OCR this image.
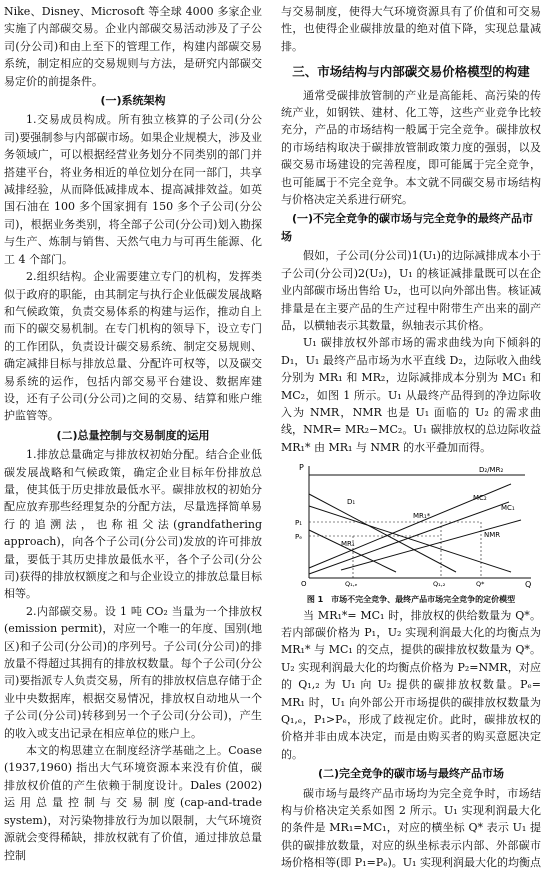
Nike、Disney、Microsoft 等全球 4000 多家企业实施了内部碳交易。企业内部碳交易活动涉及了子公司(分公司)和由上至下的管理工作，构建内部碳交易系统，制定相应的交易规则与方法，是研究内部碳交易定价的前提条件。

(一)系统架构

1.交易成员构成。所有独立核算的子公司(分公司)要强制参与内部碳市场。如果企业规模大，涉及业务领域广，可以根据经营业务划分不同类别的部门并搭建平台，将业务相近的单位划分在同一部门，共享减排经验，从而降低减排成本、提高减排效益。如英国石油在 100 多个国家拥有 150 多个子公司(分公司)，根据业务类别，将全部子公司(分公司)划入勘探与生产、炼制与销售、天然气电力与可再生能源、化工 4 个部门。

2.组织结构。企业需要建立专门的机构，发挥类似于政府的职能，由其制定与执行企业低碳发展战略和气候政策，负责交易体系的构建与运作，推动自上而下的碳交易机制。在专门机构的领导下，设立专门的工作团队，负责设计碳交易系统、制定交易规则、确定减排目标与排放总量、分配许可权等，以及碳交易系统的运作，包括内部交易平台建设、数据库建设，还有子公司(分公司)之间的交易、结算和账户维护监管等。

(二)总量控制与交易制度的运用

1.排放总量确定与排放权初始分配。结合企业低碳发展战略和气候政策，确定企业目标年份排放总量，使其低于历史排放最低水平。碳排放权的初始分配应放弃那些经理复杂的分配方法，尽量选择简单易行的追溯法，也称祖父法(grandfathering approach)，向各个子公司(分公司)发放的许可排放量，要低于其历史排放最低水平，各个子公司(分公司)获得的排放权额度之和与企业设立的排放总量目标相等。

2.内部碳交易。设 1 吨 CO₂ 当量为一个排放权(emission permit)，对应一个唯一的年度、国别(地区)和子公司(分公司)的序列号。子公司(分公司)的排放量不得超过其拥有的排放权数量。每个子公司(分公司)要指派专人负责交易，所有的排放权信息存储于企业中央数据库，根据交易情况，排放权自动地从一个子公司(分公司)转移到另一个子公司(分公司)，产生的收入或支出记录在相应单位的账户上。

本文的构思建立在制度经济学基础之上。Coase (1937,1960) 指出大气环境资源本来没有价值，碳排放权价值的产生依赖于制度设计。Dales (2002) 运用总量控制与交易制度(cap-and-trade system)，对污染物排放行为加以限制，大气环境资源就会变得稀缺，排放权就有了价值，通过排放总量控制

与交易制度，使得大气环境资源具有了价值和可交易性，也使得企业碳排放量的绝对值下降，实现总量减排。

三、市场结构与内部碳交易价格模型的构建

通常受碳排放管制的产业是高能耗、高污染的传统产业，如钢铁、建材、化工等，这些产业竞争比较充分，产品的市场结构一般属于完全竞争。碳排放权的市场结构取决于碳排放管制政策力度的强弱，以及碳交易市场建设的完善程度，即可能属于完全竞争，也可能属于不完全竞争。本文就不同碳交易市场结构与价格决定关系进行研究。

(一)不完全竞争的碳市场与完全竞争的最终产品市场

假如，子公司(分公司)1(U₁)的边际减排成本小于子公司(分公司)2(U₂)，U₁ 的核证减排量既可以在企业内部碳市场出售给 U₂，也可以向外部出售。核证减排量是在主要产品的生产过程中附带生产出来的副产品，以横轴表示其数量，纵轴表示其价格。

U₁ 碳排放权外部市场的需求曲线为向下倾斜的 D₁，U₁ 最终产品市场为水平直线 D₂，边际收入曲线分别为 MR₁ 和 MR₂，边际减排成本分别为 MC₁ 和 MC₂，如图 1 所示。U₁ 从最终产品得到的净边际收入为 NMR，NMR 也是 U₁ 面临的 U₂ 的需求曲线，NMR= MR₂−MC₂。U₁ 碳排放权的总边际收益 MR₁* 由 MR₁ 与 NMR 的水平叠加而得。

P
Q
O
D₂/MR₂
D₁
MR₁*
MR₁
MC₁
MC₂
NMR
P₁
Pₑ
Q₁,ₑ	Q₁,₂	Q*
图 1　市场不完全竞争、最终产品市场完全竞争的定价模型

当 MR₁*= MC₁ 时，排放权的供给数量为 Q*。若内部碳价格为 P₁，U₂ 实现利润最大化的均衡点为 MR₁* 与 MC₁ 的交点，提供的碳排放权数量为 Q*。U₂ 实现利润最大化的均衡点价格为 P₂=NMR，对应的 Q₁,₂ 为 U₁ 向 U₂ 提供的碳排放权数量。Pₑ= MR₁ 时，U₁ 向外部公开市场提供的碳排放权数量为 Q₁,ₑ，P₁>Pₑ，形成了歧视定价。此时，碳排放权的价格并非由成本决定，而是由购买者的购买意愿决定的。

(二)完全竞争的碳市场与最终产品市场

碳市场与最终产品市场均为完全竞争时，市场结构与价格决定关系如图 2 所示。U₁ 实现利润最大化的条件是 MR₁=MC₁，对应的横坐标 Q* 表示 U₁ 提供的碳排放数量，对应的纵坐标表示内部、外部碳市场价格相等(即 P₁=Pₑ)。U₁ 实现利润最大化的均衡点
